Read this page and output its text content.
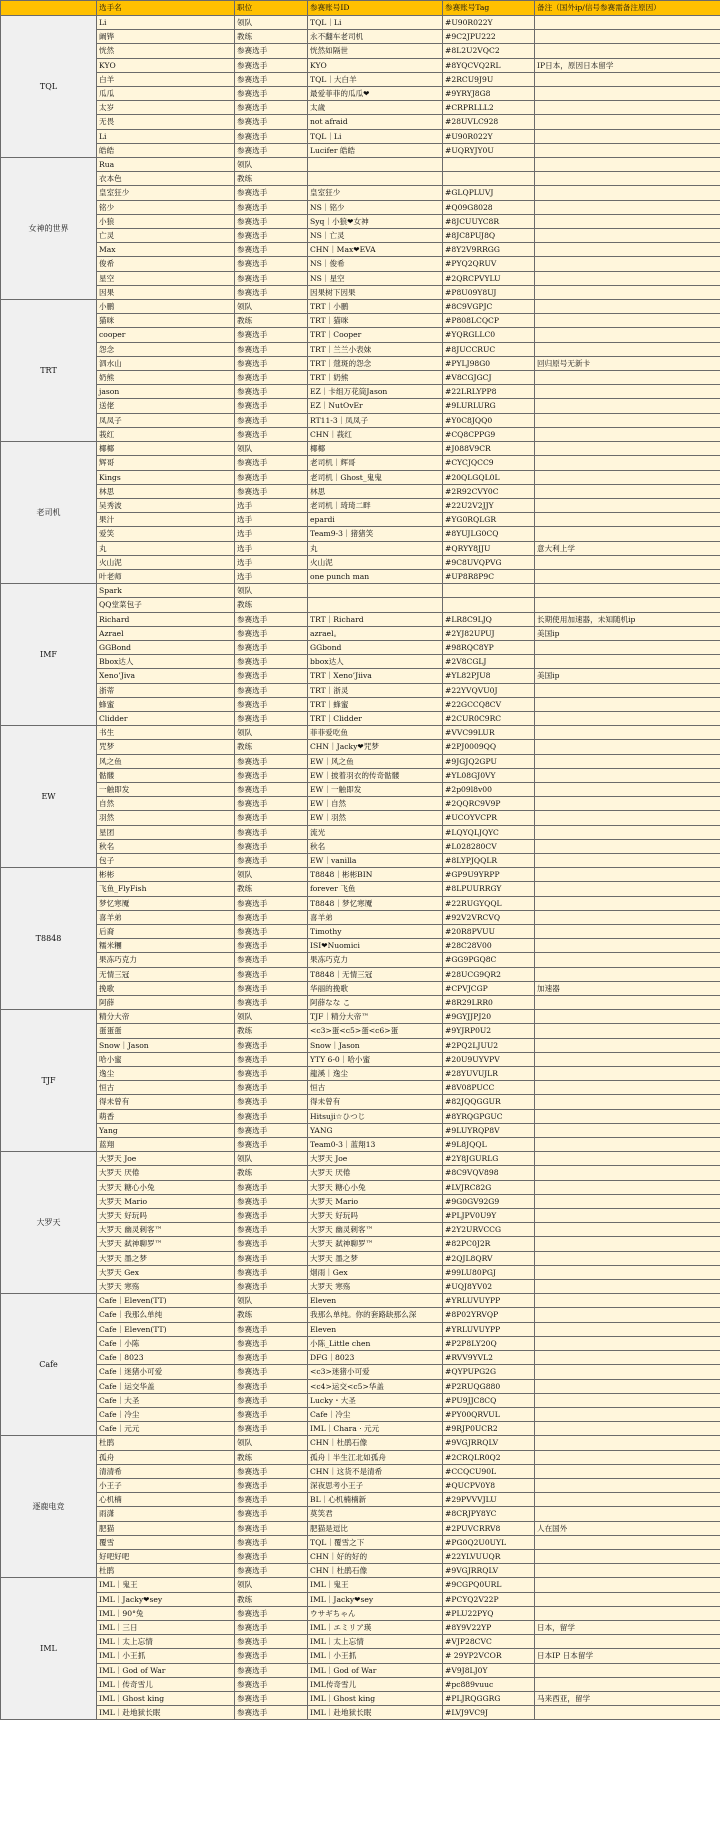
	选手名	职位	参赛账号ID	参赛账号Tag	备注（国外ip/信号参赛需备注原因）
TQL	Li	领队	TQL｜Li	#U90R022Y	
	阚铧	教练	永不翻车老司机	#9C2JPU222	
	恍然	参赛选手	恍然如隔世	#8L2U2VQC2	
	KYO	参赛选手	KYO	#8YQCVQ2RL	IP日本，原因日本留学
	白羊	参赛选手	TQL｜大白羊	#2RCU9J9U	
	瓜瓜	参赛选手	最爱菲菲的瓜瓜❤	#9YRYJ8G8	
	太岁	参赛选手	太歲	#CRPRLLL2	
	无畏	参赛选手	not afraid	#28UVLC928	
	Li	参赛选手	TQL｜Li	#U90R022Y	
	皓皓	参赛选手	Lucifer 皓皓	#UQRYJY0U	
女神的世界	Rua	领队			
	衣本色	教练			
	皇室狂少	参赛选手	皇室狂少	#GLQPLUVJ	
	铭少	参赛选手	NS｜铭少	#Q09G8028	
	小狼	参赛选手	Syq｜小狼❤女神	#8JCUUYC8R	
	亡灵	参赛选手	NS｜亡灵	#8JC8PUJ8Q	
	Max	参赛选手	CHN｜Max❤EVA	#8Y2V9RRGG	
	俊希	参赛选手	NS｜俊希	#PYQ2QRUV	
	星空	参赛选手	NS｜星空	#2QRCPVYLU	
	因果	参赛选手	因果树下因果	#P8U09Y8UJ	
TRT	小鹏	领队	TRT｜小鹏	#8C9VGPJC	
	猫咪	教练	TRT｜猫咪	#P808LCQCP	
	cooper	参赛选手	TRT｜Cooper	#YQRGLLC0	
	怨念	参赛选手	TRT｜兰兰小表妹	#8JUCCRUC	
	泗水山	参赛选手	TRT｜蔻斑的怨念	#PYLJ98G0	回归原号无新卡
	奶熊	参赛选手	TRT｜奶熊	#V8CGJGCJ	
	jason	参赛选手	EZ｜卡组万花筒Jason	#22LRLYPP8	
	送佬	参赛选手	EZ｜NutOvEr	#9LURLURG	
	凤凤子	参赛选手	RT11-3｜凤凤子	#Y0C8JQQ0	
	莪红	参赛选手	CHN｜莪红	#CQ8CPPG9	
老司机	椰椰	领队	椰椰	#J088V9CR	
	辉哥	参赛选手	老司机｜辉哥	#CYCJQCC9	
	Kings	参赛选手	老司机｜Ghost_鬼鬼	#20QLGQL0L	
	林思	参赛选手	林思	#2R92CVY0C	
	吴秀波	选手	老司机｜琦琦二畔	#22U2V2JJY	
	果汁	选手	epardi	#YG0RQLGR	
	爱笑	选手	Team9-3｜猪猪笑	#8YUJLG0CQ	
	丸	选手	丸	#QRYY8JJU	意大利上学
	火山泥	选手	火山泥	#9C8UVQPVG	
	叶老师	选手	one punch man	#UP8R8P9C	
IMF	Spark	领队			
	QQ堂菜包子	教练			
	Richard	参赛选手	TRT｜Richard	#LR8C9LJQ	长期使用加速器，未知随机ip
	Azrael	参赛选手	azrael。	#2YJ82UPUJ	美国ip
	GGBond	参赛选手	GGbond	#98RQC8YP	
	Bbox达人	参赛选手	bbox达人	#2V8CGLJ	
	Xeno’Jiva	参赛选手	TRT｜Xeno’Jiiva	#YL82PJU8	美国ip
	浙蒂	参赛选手	TRT｜浙灵	#22YVQVU0J	
	蜂蜜	参赛选手	TRT｜蜂蜜	#22GCCQ8CV	
	Clidder	参赛选手	TRT｜Clidder	#2CUR0C9RC	
EW	书生	领队	菲菲爱吃鱼	#VVC99LUR	
	咒梦	教练	CHN｜Jacky❤咒梦	#2PJ0009QQ	
	风之鱼	参赛选手	EW｜风之鱼	#9JGJQ2GPU	
	骷髅	参赛选手	EW｜披着羽衣的传奇骷髅	#YL08GJ0VY	
	一触即发	参赛选手	EW｜一触即发	#2p09l8v00	
	自然	参赛选手	EW｜自然	#2QQRC9V9P	
	羽然	参赛选手	EW｜羽然	#UCOYVCPR	
	星团	参赛选手	流光	#LQYQLJQYC	
	秋名	参赛选手	秋名	#L028280CV	
	包子	参赛选手	EW｜vanilla	#8LYPJQQLR	
T8848	彬彬	领队	T8848｜彬彬BIN	#GP9U9YRPP	
	飞鱼_FlyFish	教练	forever 飞鱼	#8LPUURRGY	
	梦忆寒魇	参赛选手	T8848｜梦忆寒魇	#22RUGYQQL	
	喜羊弟	参赛选手	喜羊弟	#92V2VRCVQ	
	后裔	参赛选手	Timothy	#20R8PVUU	
	糯米糰	参赛选手	ISI❤Nuomici	#28C28V00	
	果冻巧克力	参赛选手	果冻巧克力	#GG9PGQ8C	
	无情三冠	参赛选手	T8848｜无情三冠	#28UCG9QR2	
	挽歌	参赛选手	华丽的挽歌	#CPVJCGP	加速器
	阿薛	参赛选手	阿薛なな こ	#8R29LRR0	
TJF	精分大帝	领队	TJF｜精分大帝™	#9GYJJPJ20	
	蛋蛋蛋	教练	<c3>蛋<c5>蛋<c6>蛋	#9YJRP0U2	
	Snow｜Jason	参赛选手	Snow｜Jason	#2PQ2LJUU2	
	哈小蜜	参赛选手	YTY 6-0｜哈小蜜	#20U9UYVPV	
	逸尘	参赛选手	龍溪｜逸尘	#28YUVUJLR	
	恒古	参赛选手	恒古	#8V08PUCC	
	得未曾有	参赛选手	得未曾有	#82JQQGGUR	
	萌香	参赛选手	Hitsuji☆ひつじ	#8YRQGPGUC	
	Yang	参赛选手	YANG	#9LUYRQP8V	
	蓝翔	参赛选手	Team0-3｜蓝翔13	#9L8JQQL	
大罗天	大罗天 Joe	领队	大罗天 Joe	#2Y8JGURLG	
	大罗天 厌倦	教练	大罗天 厌倦	#8C9VQV898	
	大罗天 糖心小兔	参赛选手	大罗天 糖心小兔	#LVJRC82G	
	大罗天 Mario	参赛选手	大罗天 Mario	#9G0GV92G9	
	大罗天 好玩吗	参赛选手	大罗天 好玩吗	#PLJPV0U9Y	
	大罗天 幽灵刺客™	参赛选手	大罗天 幽灵刺客™	#2Y2URVCCG	
	大罗天 弑神聊罗™	参赛选手	大罗天 弑神聊罗™	#82PC0J2R	
	大罗天 墨之梦	参赛选手	大罗天 墨之梦	#2QJL8QRV	
	大罗天 Gex	参赛选手	烟雨｜Gex	#99LU80PGJ	
	大罗天 寒殇	参赛选手	大罗天 寒殇	#UQJ8YV02	
Cafe	Cafe｜Eleven(TT)	领队	Eleven	#YRLUVUYPP	
	Cafe｜我那么单纯	教练	我那么单纯。你的套路缺那么深	#8P02YRVQP	
	Cafe｜Eleven(TT)	参赛选手	Eleven	#YRLUVUYPP	
	Cafe｜小陈	参赛选手	小陈_Little chen	#P2P8LY20Q	
	Cafe｜8023	参赛选手	DFG｜8023	#RVV9YVL2	
	Cafe｜迷猪小可爱	参赛选手	<c3>迷猪小可爱	#QYPUPG2G	
	Cafe｜运交华盖	参赛选手	<c4>运交<c5>华盖	#P2RUQG880	
	Cafe｜大圣	参赛选手	Lucky・大圣	#PU9JJC8CQ	
	Cafe｜冷尘	参赛选手	Cafe｜冷尘	#PY00QRVUL	
	Cafe｜元元	参赛选手	IML｜Chara · 元元	#9RJP0UCR2	
逐鹿电竞	杜鹃	领队	CHN｜杜鹃石像	#9VGJRRQLV	
	孤舟	教练	孤舟｜半生江北如孤舟	#2CRQLR0Q2	
	清清希	参赛选手	CHN｜这货不是清希	#CCQCU90L	
	小王子	参赛选手	深夜思考小王子	#QUCPV0Y8	
	心机楠	参赛选手	BL｜心机楠楠新	#29PVVVJLU	
	雨潇	参赛选手	莫笑君	#8CRJPY8YC	
	肥猫	参赛选手	肥猫是逗比	#2PUVCRRV8	人在国外
	覆雪	参赛选手	TQL｜覆雪之下	#PG0Q2U0UYL	
	好吧好吧	参赛选手	CHN｜好的好的	#22YLVUUQR	
	杜鹃	参赛选手	CHN｜杜鹃石像	#9VGJRRQLV	
IML	IML｜鬼王	领队	IML｜鬼王	#9CGPQ0URL	
	IML｜Jacky❤sey	教练	IML｜Jacky❤sey	#PCYQ2V22P	
	IML｜90°兔	参赛选手	ウサギちゃん	#PLU22PYQ	
	IML｜三日	参赛选手	IML｜エミリア瑛	#8Y9V22YP	日本，留学
	IML｜太上忘情	参赛选手	IML｜太上忘情	#VJP28CVC	
	IML｜小王抓	参赛选手	IML｜小王抓	# 29YP2VCOR	日本IP 日本留学
	IML｜God of War	参赛选手	IML｜God of War	#V9J8LJ0Y	
	IML｜传奇雪儿	参赛选手	IML传奇雪儿	#pc889vuuc	
	IML｜Ghost king	参赛选手	IML｜Ghost king	#PLJRQGGRG	马来西亚，留学
	IML｜赴地狱长眠	参赛选手	IML｜赴地狱长眠	#LVJ9VC9J	
